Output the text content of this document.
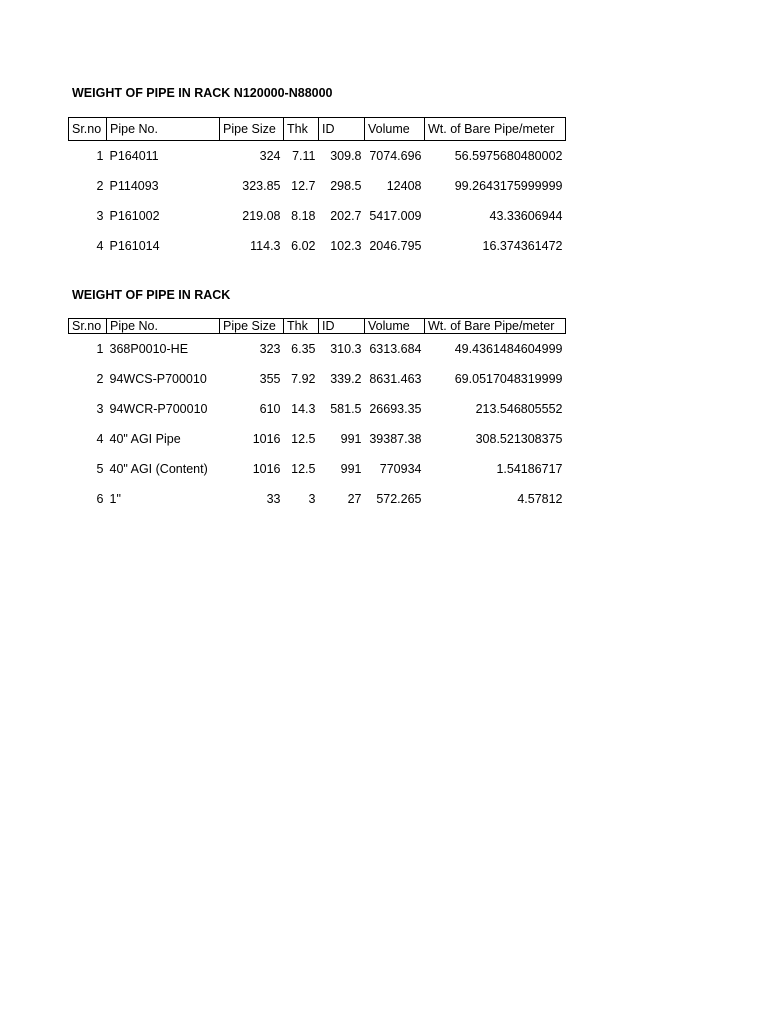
WEIGHT OF PIPE IN RACK N120000-N88000
Sr.no	Pipe No.	Pipe Size	Thk	ID	Volume	Wt. of Bare Pipe/meter

1	P164011	324	7.11	309.8	7074.696	56.5975680480002
2	P114093	323.85	12.7	298.5	12408	99.2643175999999
3	P161002	219.08	8.18	202.7	5417.009	43.33606944
4	P161014	114.3	6.02	102.3	2046.795	16.374361472
WEIGHT OF PIPE IN RACK
Sr.no	Pipe No.	Pipe Size	Thk	ID	Volume	Wt. of Bare Pipe/meter

1	368P0010-HE	323	6.35	310.3	6313.684	49.4361484604999
2	94WCS-P700010	355	7.92	339.2	8631.463	69.0517048319999
3	94WCR-P700010	610	14.3	581.5	26693.35	213.546805552
4	40" AGI Pipe	1016	12.5	991	39387.38	308.521308375
5	40" AGI (Content)	1016	12.5	991	770934	1.54186717
6	1"	33	3	27	572.265	4.57812
